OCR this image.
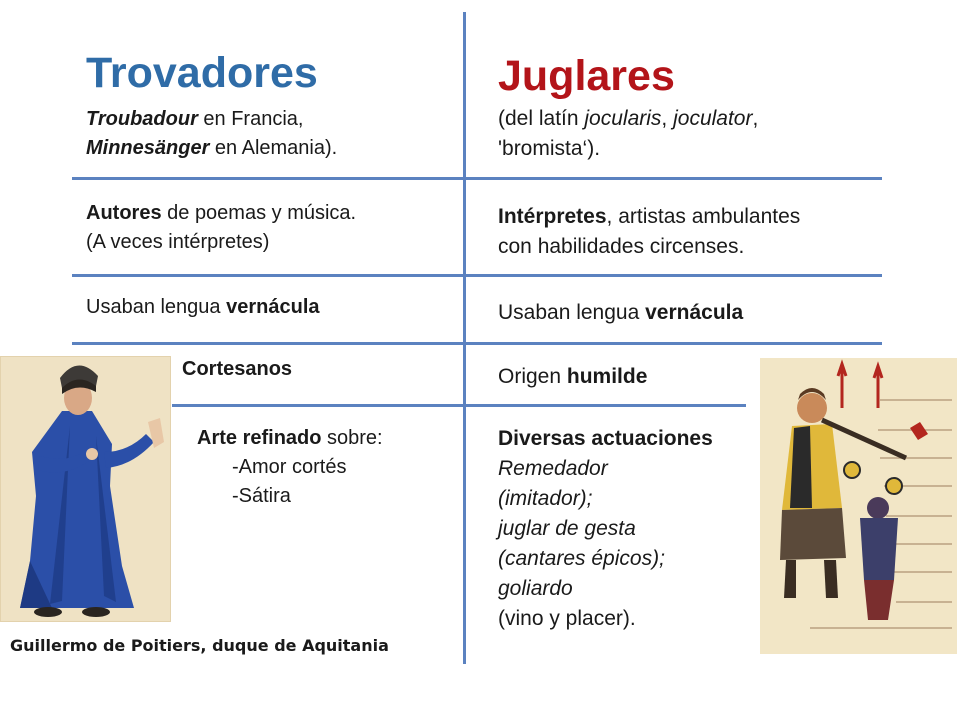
Trovadores
Troubadour en Francia,
Minnesänger en Alemania).
Autores de poemas y música.
(A veces intérpretes)
Usaban lengua vernácula
Cortesanos
Arte refinado sobre:
-Amor cortés
-Sátira
Guillermo de Poitiers, duque de Aquitania
Juglares
(del latín jocularis, joculator,
'bromista‘).
Intérpretes, artistas ambulantes
con habilidades circenses.
Usaban lengua vernácula
Origen humilde
Diversas actuaciones
Remedador
(imitador);
juglar de gesta
(cantares épicos);
goliardo
(vino y placer).
